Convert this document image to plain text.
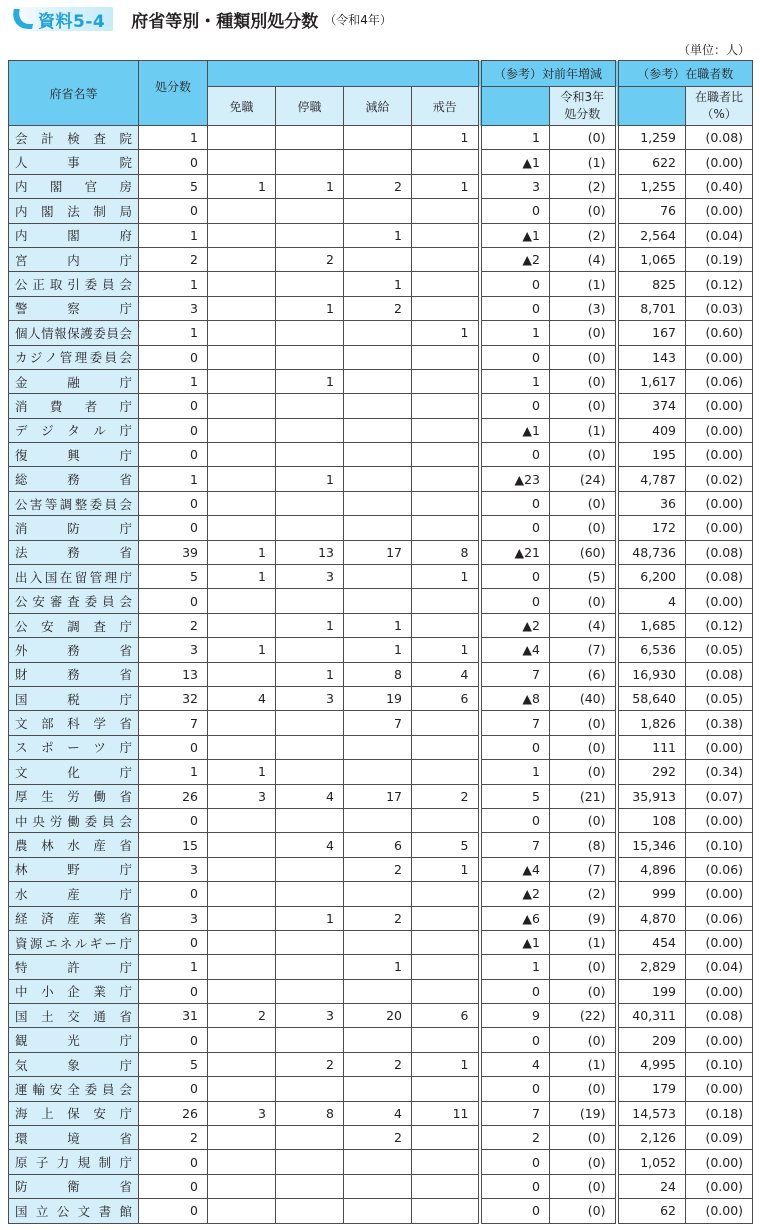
資料5-4 府省等別・種類別処分数 （令和4年）
（単位：人）
府省名等	処分数					（参考）対前年増減		（参考）在職者数	
		免職	停職	減給	戒告		令和3年
処分数		在職者比
（%）

会 計 検 査 院	1				1	1	(0)	1,259	(0.08)

人 事 院	0					▲1	(1)	622	(0.00)

内 閣 官 房	5	1	1	2	1	3	(2)	1,255	(0.40)

内 閣 法 制 局	0					0	(0)	76	(0.00)

内 閣 府	1			1		▲1	(2)	2,564	(0.04)

宮 内 庁	2		2			▲2	(4)	1,065	(0.19)

公 正 取 引 委 員 会	1			1		0	(1)	825	(0.12)

警 察 庁	3		1	2		0	(3)	8,701	(0.03)

個 人 情 報 保 護 委 員 会	1				1	1	(0)	167	(0.60)

カ ジ ノ 管 理 委 員 会	0					0	(0)	143	(0.00)

金 融 庁	1		1			1	(0)	1,617	(0.06)

消 費 者 庁	0					0	(0)	374	(0.00)

デ ジ タ ル 庁	0					▲1	(1)	409	(0.00)

復 興 庁	0					0	(0)	195	(0.00)

総 務 省	1		1			▲23	(24)	4,787	(0.02)

公 害 等 調 整 委 員 会	0					0	(0)	36	(0.00)

消 防 庁	0					0	(0)	172	(0.00)

法 務 省	39	1	13	17	8	▲21	(60)	48,736	(0.08)

出 入 国 在 留 管 理 庁	5	1	3		1	0	(5)	6,200	(0.08)

公 安 審 査 委 員 会	0					0	(0)	4	(0.00)

公 安 調 査 庁	2		1	1		▲2	(4)	1,685	(0.12)

外 務 省	3	1		1	1	▲4	(7)	6,536	(0.05)

財 務 省	13		1	8	4	7	(6)	16,930	(0.08)

国 税 庁	32	4	3	19	6	▲8	(40)	58,640	(0.05)

文 部 科 学 省	7			7		7	(0)	1,826	(0.38)

ス ポ ー ツ 庁	0					0	(0)	111	(0.00)

文 化 庁	1	1				1	(0)	292	(0.34)

厚 生 労 働 省	26	3	4	17	2	5	(21)	35,913	(0.07)

中 央 労 働 委 員 会	0					0	(0)	108	(0.00)

農 林 水 産 省	15		4	6	5	7	(8)	15,346	(0.10)

林 野 庁	3			2	1	▲4	(7)	4,896	(0.06)

水 産 庁	0					▲2	(2)	999	(0.00)

経 済 産 業 省	3		1	2		▲6	(9)	4,870	(0.06)

資 源 エ ネ ル ギ ー 庁	0					▲1	(1)	454	(0.00)

特 許 庁	1			1		1	(0)	2,829	(0.04)

中 小 企 業 庁	0					0	(0)	199	(0.00)

国 土 交 通 省	31	2	3	20	6	9	(22)	40,311	(0.08)

観 光 庁	0					0	(0)	209	(0.00)

気 象 庁	5		2	2	1	4	(1)	4,995	(0.10)

運 輸 安 全 委 員 会	0					0	(0)	179	(0.00)

海 上 保 安 庁	26	3	8	4	11	7	(19)	14,573	(0.18)

環 境 省	2			2		2	(0)	2,126	(0.09)

原 子 力 規 制 庁	0					0	(0)	1,052	(0.00)

防 衛 省	0					0	(0)	24	(0.00)

国 立 公 文 書 館	0					0	(0)	62	(0.00)
